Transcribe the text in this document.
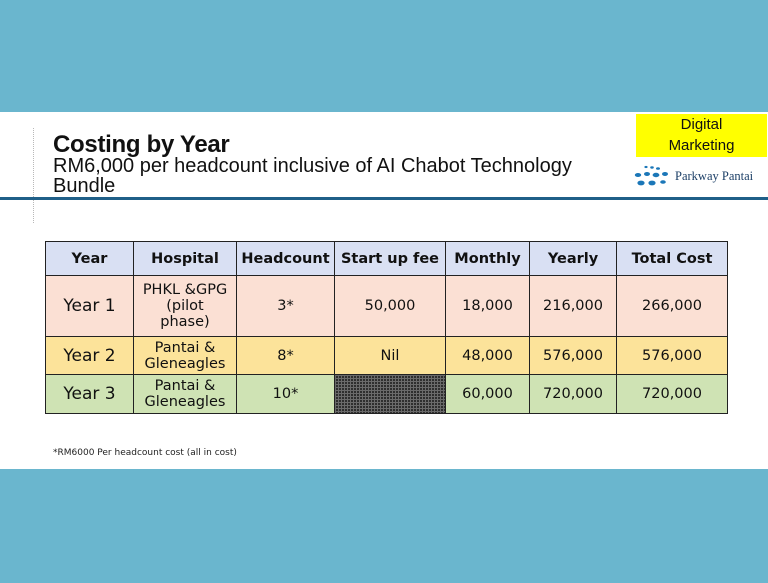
Costing by Year
RM6,000 per headcount inclusive of AI Chabot Technology Bundle
Digital
Marketing
Parkway Pantai
Year	Hospital	Headcount	Start up fee	Monthly	Yearly	Total Cost
Year 1	PHKL &GPG
(pilot
phase)	3*	50,000	18,000	216,000	266,000
Year 2	Pantai &
Gleneagles	8*	Nil	48,000	576,000	576,000
Year 3	Pantai &
Gleneagles	10*		60,000	720,000	720,000
*RM6000 Per headcount cost (all in cost)
